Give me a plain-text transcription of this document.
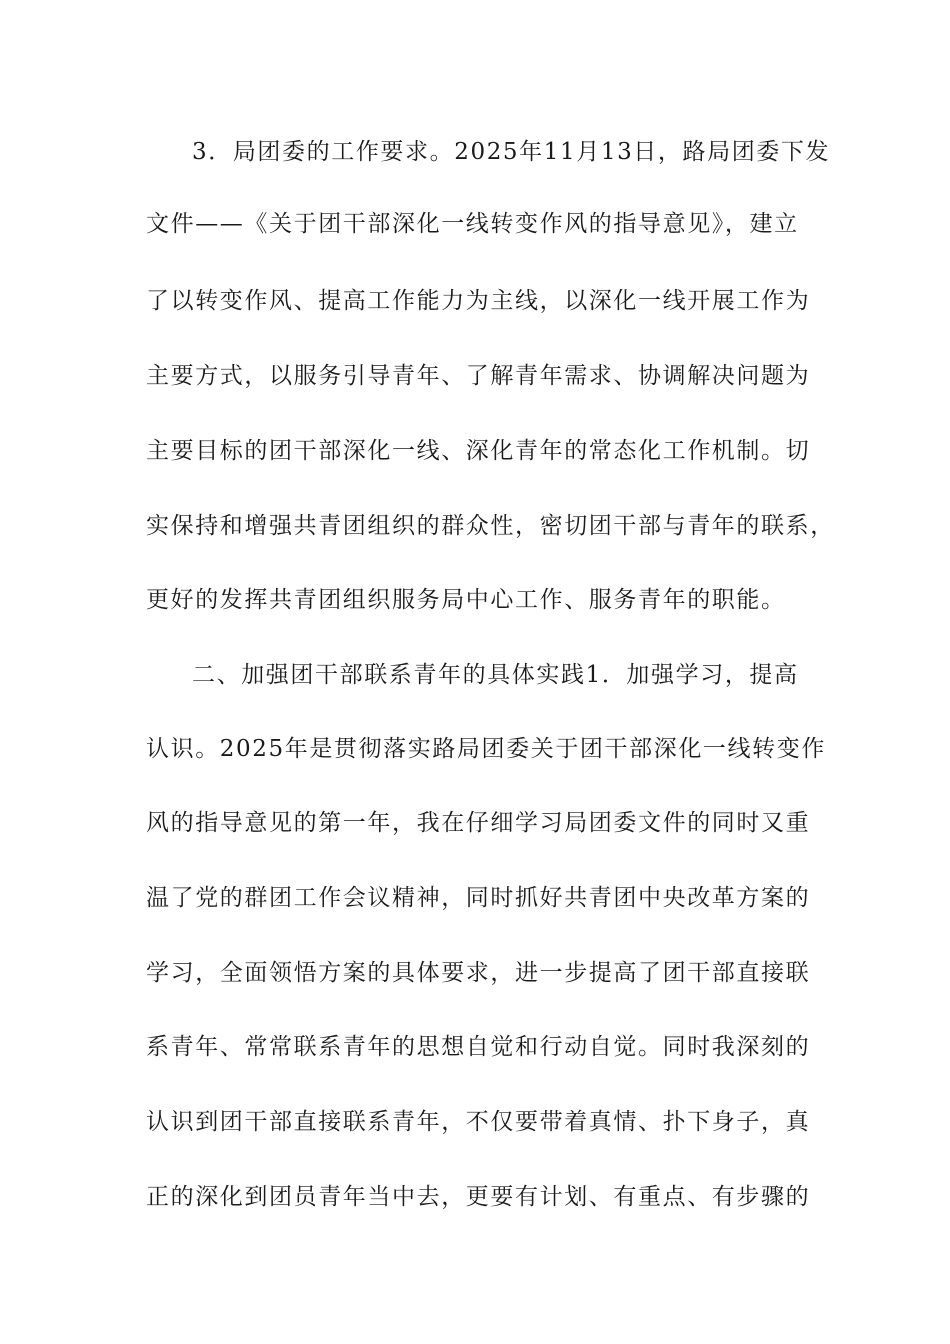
3．局团委的工作要求。2025年11月13日，路局团委下发
文件——《关于团干部深化一线转变作风的指导意见》，建立
了以转变作风、提高工作能力为主线，以深化一线开展工作为
主要方式，以服务引导青年、了解青年需求、协调解决问题为
主要目标的团干部深化一线、深化青年的常态化工作机制。切
实保持和增强共青团组织的群众性，密切团干部与青年的联系，
更好的发挥共青团组织服务局中心工作、服务青年的职能。
二、加强团干部联系青年的具体实践1．加强学习，提高
认识。2025年是贯彻落实路局团委关于团干部深化一线转变作
风的指导意见的第一年，我在仔细学习局团委文件的同时又重
温了党的群团工作会议精神，同时抓好共青团中央改革方案的
学习，全面领悟方案的具体要求，进一步提高了团干部直接联
系青年、常常联系青年的思想自觉和行动自觉。同时我深刻的
认识到团干部直接联系青年，不仅要带着真情、扑下身子，真
正的深化到团员青年当中去，更要有计划、有重点、有步骤的
